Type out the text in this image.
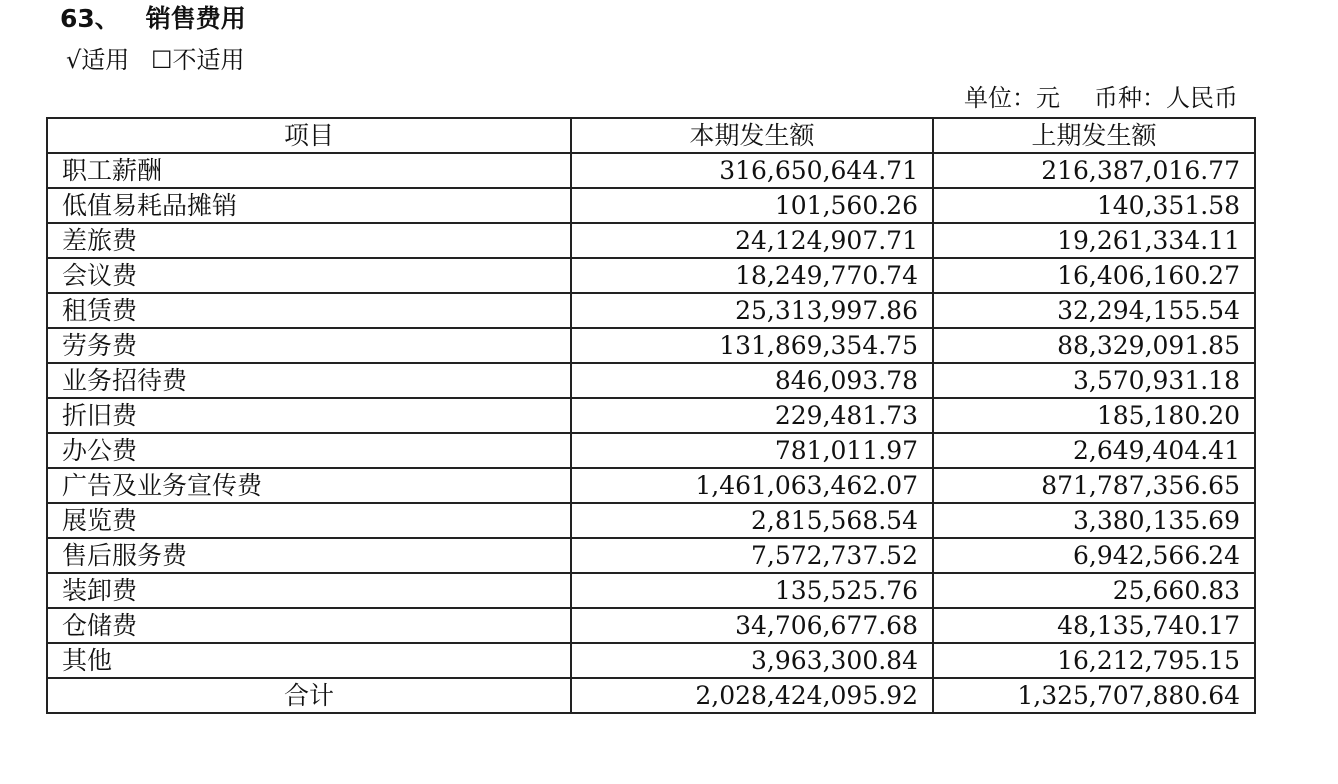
63、 销售费用
√适用 ☐不适用
单位：元 币种：人民币
项目	本期发生额	上期发生额
职工薪酬	316,650,644.71	216,387,016.77
低值易耗品摊销	101,560.26	140,351.58
差旅费	24,124,907.71	19,261,334.11
会议费	18,249,770.74	16,406,160.27
租赁费	25,313,997.86	32,294,155.54
劳务费	131,869,354.75	88,329,091.85
业务招待费	846,093.78	3,570,931.18
折旧费	229,481.73	185,180.20
办公费	781,011.97	2,649,404.41
广告及业务宣传费	1,461,063,462.07	871,787,356.65
展览费	2,815,568.54	3,380,135.69
售后服务费	7,572,737.52	6,942,566.24
装卸费	135,525.76	25,660.83
仓储费	34,706,677.68	48,135,740.17
其他	3,963,300.84	16,212,795.15
合计	2,028,424,095.92	1,325,707,880.64
